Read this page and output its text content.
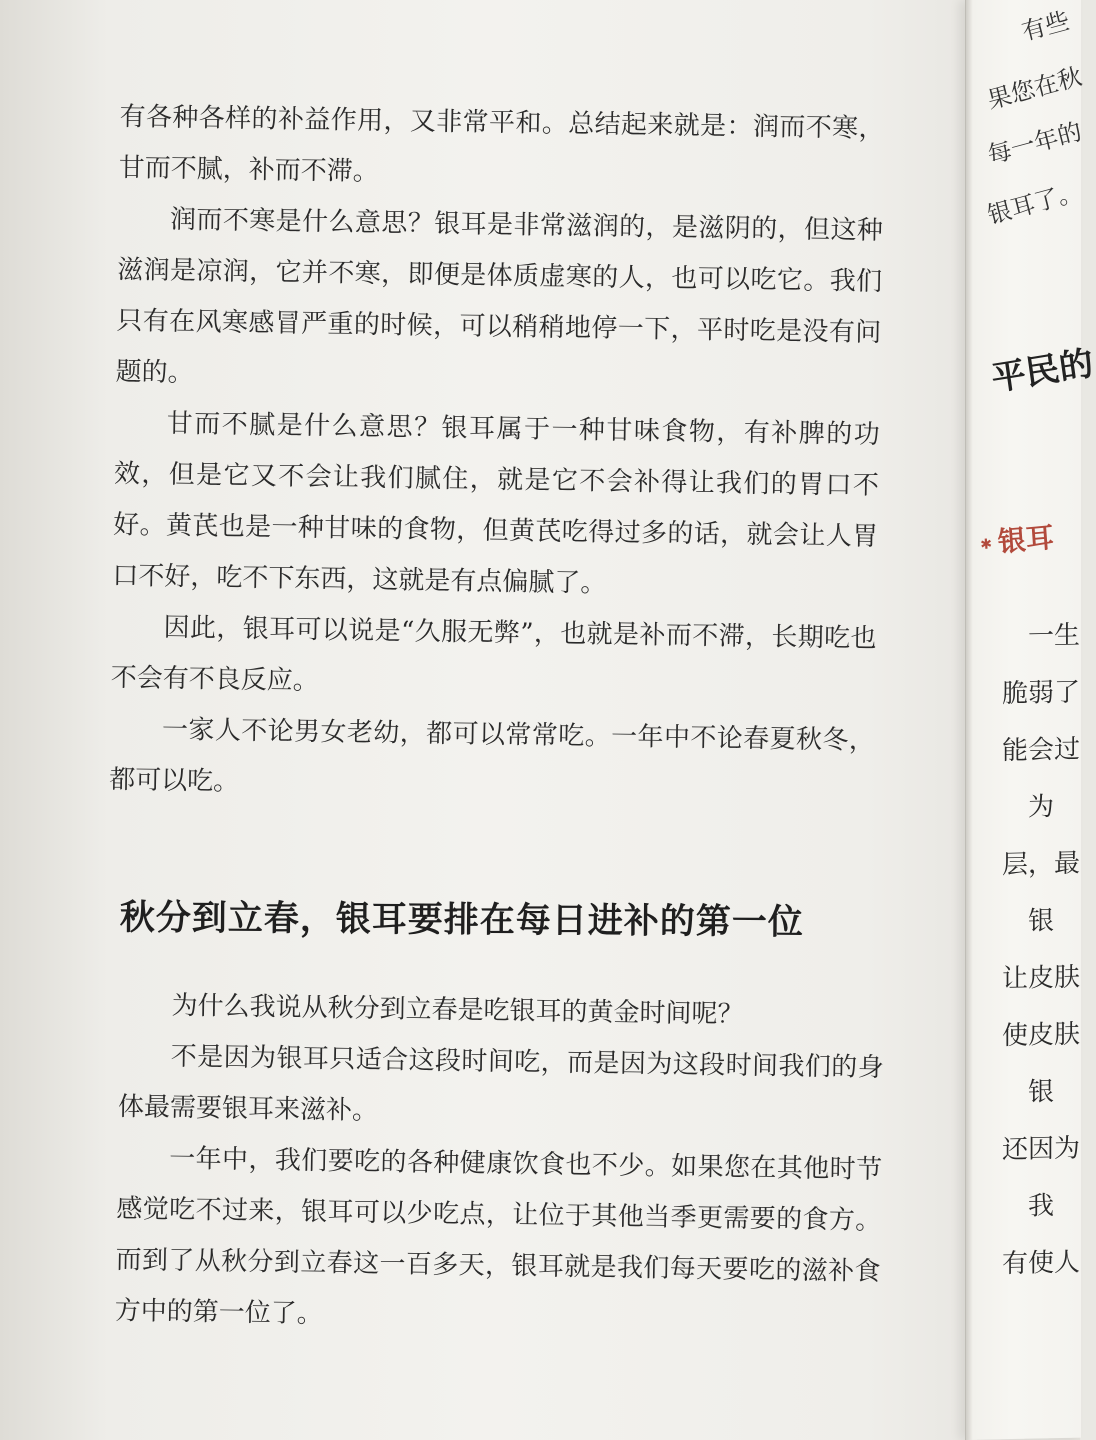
有各种各样的补益作用，又非常平和。总结起来就是：润而不寒，甘而不腻，补而不滞。

润而不寒是什么意思？银耳是非常滋润的，是滋阴的，但这种滋润是凉润，它并不寒，即便是体质虚寒的人，也可以吃它。我们只有在风寒感冒严重的时候，可以稍稍地停一下，平时吃是没有问题的。

甘而不腻是什么意思？银耳属于一种甘味食物，有补脾的功效，但是它又不会让我们腻住，就是它不会补得让我们的胃口不好。黄芪也是一种甘味的食物，但黄芪吃得过多的话，就会让人胃口不好，吃不下东西，这就是有点偏腻了。

因此，银耳可以说是“久服无弊”，也就是补而不滞，长期吃也不会有不良反应。

一家人不论男女老幼，都可以常常吃。一年中不论春夏秋冬，都可以吃。

秋分到立春，银耳要排在每日进补的第一位

为什么我说从秋分到立春是吃银耳的黄金时间呢？

不是因为银耳只适合这段时间吃，而是因为这段时间我们的身体最需要银耳来滋补。

一年中，我们要吃的各种健康饮食也不少。如果您在其他时节感觉吃不过来，银耳可以少吃点，让位于其他当季更需要的食方。而到了从秋分到立春这一百多天，银耳就是我们每天要吃的滋补食方中的第一位了。

有些
果您在秋
每一年的
银耳了。
平民的
✱ 银耳
一生
脆弱了
能会过
为
层，最
银
让皮肤
使皮肤
银
还因为
我
有使人
